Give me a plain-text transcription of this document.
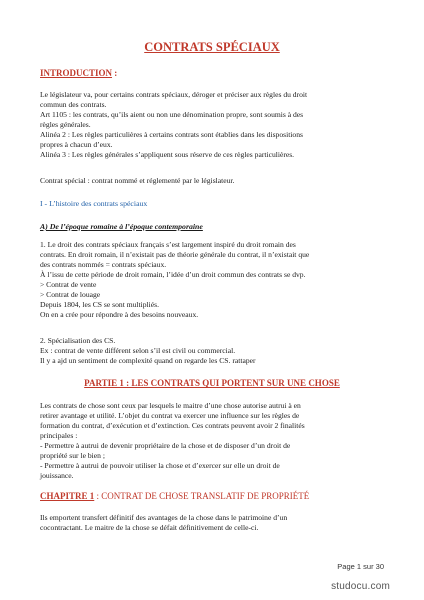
CONTRATS SPÉCIAUX
INTRODUCTION :
Le législateur va, pour certains contrats spéciaux, déroger et préciser aux règles du droit
commun des contrats.
Art 1105 : les contrats, qu’ils aient ou non une dénomination propre, sont soumis à des
règles générales.
Alinéa 2 : Les règles particulières à certains contrats sont établies dans les dispositions
propres à chacun d’eux.
Alinéa 3 : Les règles générales s’appliquent sous réserve de ces règles particulières.
Contrat spécial : contrat nommé et réglementé par le législateur.
I - L’histoire des contrats spéciaux
A) De l’époque romaine à l’époque contemporaine
1. Le droit des contrats spéciaux français s’est largement inspiré du droit romain des
contrats. En droit romain, il n’existait pas de théorie générale du contrat, il n’existait que
des contrats nommés = contrats spéciaux.
À l’issu de cette période de droit romain, l’idée d’un droit commun des contrats se dvp.
> Contrat de vente
> Contrat de louage
Depuis 1804, les CS se sont multipliés.
On en a crée pour répondre à des besoins nouveaux.
2. Spécialisation des CS.
Ex : contrat de vente différent selon s’il est civil ou commercial.
Il y a ajd un sentiment de complexité quand on regarde les CS. rattaper
PARTIE 1 : LES CONTRATS QUI PORTENT SUR UNE CHOSE
Les contrats de chose sont ceux par lesquels le maitre d’une chose autorise autrui à en
retirer avantage et utilité. L’objet du contrat va exercer une influence sur les règles de
formation du contrat, d’exécution et d’extinction. Ces contrats peuvent avoir 2 finalités
principales :
- Permettre à autrui de devenir propriétaire de la chose et de disposer d’un droit de
propriété sur le bien ;
- Permettre à autrui de pouvoir utiliser la chose et d’exercer sur elle un droit de
jouissance.
CHAPITRE 1 : CONTRAT DE CHOSE TRANSLATIF DE PROPRIÉTÉ
Ils emportent transfert définitif des avantages de la chose dans le patrimoine d’un
cocontractant. Le maitre de la chose se défait définitivement de celle-ci.
Page 1 sur 30
studocu.com
